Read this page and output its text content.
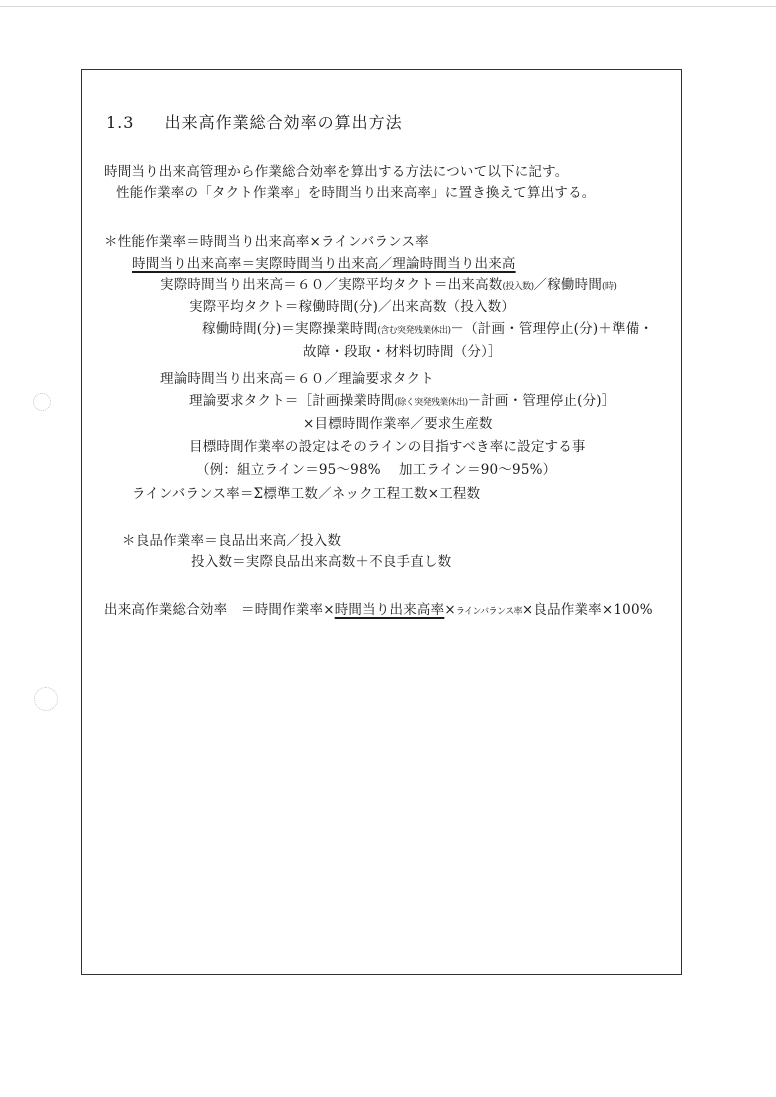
1.3 出来高作業総合効率の算出方法
時間当り出来高管理から作業総合効率を算出する方法について以下に記す。
性能作業率の「タクト作業率」を時間当り出来高率」に置き換えて算出する。
＊性能作業率＝時間当り出来高率×ラインバランス率
時間当り出来高率＝実際時間当り出来高／理論時間当り出来高
実際時間当り出来高＝６０／実際平均タクト＝出来高数(投入数)／稼働時間(時)
実際平均タクト＝稼働時間(分)／出来高数（投入数）
稼働時間(分)＝実際操業時間(含む突発残業休出)－（計画・管理停止(分)＋準備・
故障・段取・材料切時間（分）］
理論時間当り出来高＝６０／理論要求タクト
理論要求タクト＝［計画操業時間(除く突発残業休出)－計画・管理停止(分)］
×目標時間作業率／要求生産数
目標時間作業率の設定はそのラインの目指すべき率に設定する事
（例：組立ライン＝95～98%　 加工ライン＝90～95%）
ラインバランス率＝Σ標準工数／ネック工程工数×工程数
＊良品作業率＝良品出来高／投入数
投入数＝実際良品出来高数＋不良手直し数
出来高作業総合効率　＝時間作業率×時間当り出来高率×ラインバランス率×良品作業率×100%
